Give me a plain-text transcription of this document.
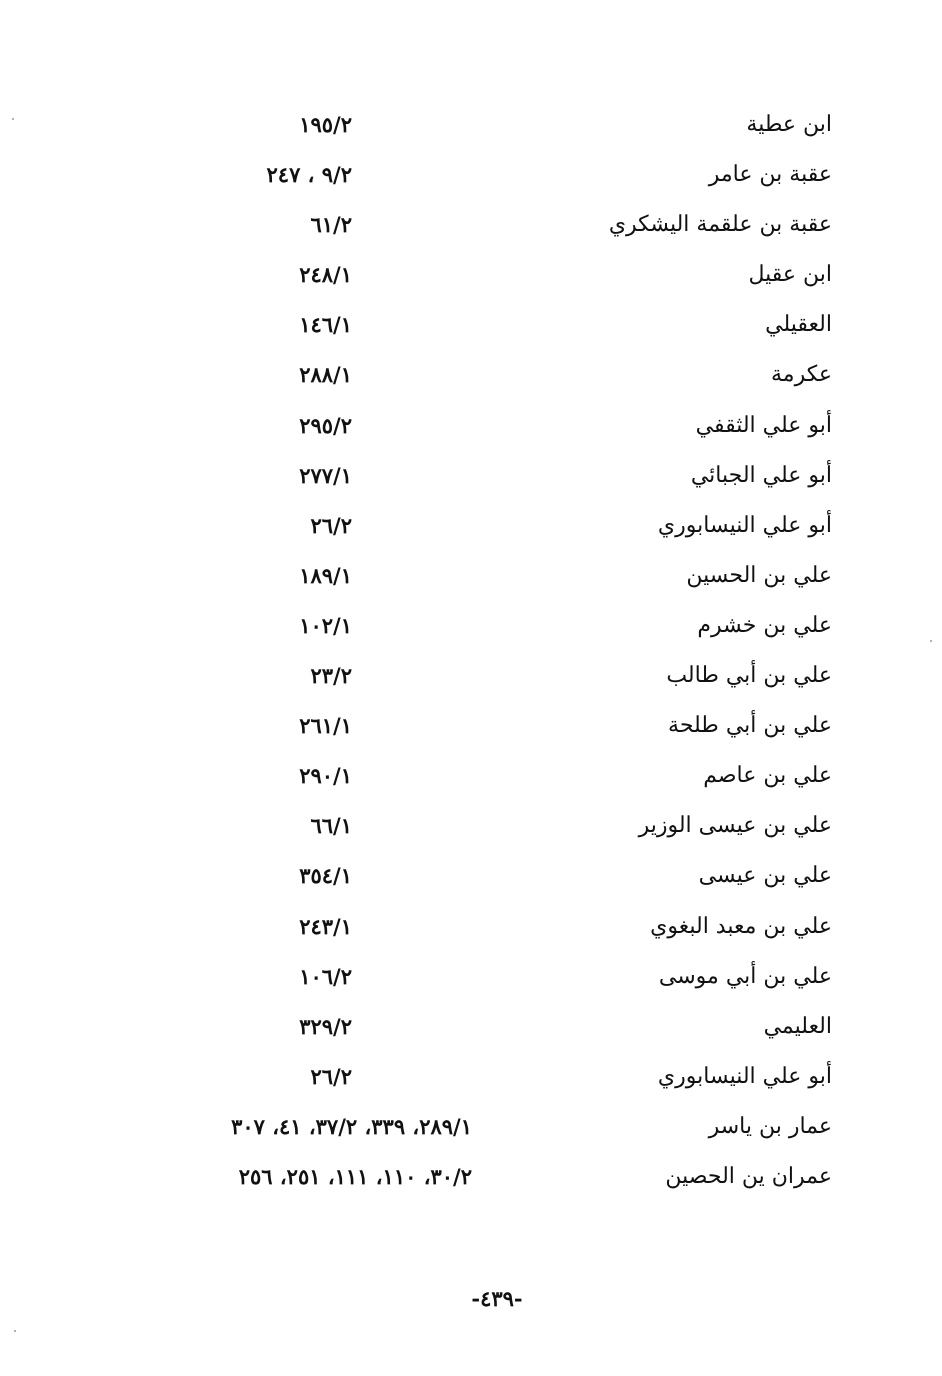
ابن عطية
١٩٥/٢
عقبة بن عامر
٩/٢ ، ٢٤٧
عقبة بن علقمة اليشكري
٦١/٢
ابن عقيل
٢٤٨/١
العقيلي
١٤٦/١
عكرمة
٢٨٨/١
أبو علي الثقفي
٢٩٥/٢
أبو علي الجبائي
٢٧٧/١
أبو علي النيسابوري
٢٦/٢
علي بن الحسين
١٨٩/١
علي بن خشرم
١٠٢/١
علي بن أبي طالب
٢٣/٢
علي بن أبي طلحة
٢٦١/١
علي بن عاصم
٢٩٠/١
علي بن عيسى الوزير
٦٦/١
علي بن عيسى
٣٥٤/١
علي بن معبد البغوي
٢٤٣/١
علي بن أبي موسى
١٠٦/٢
العليمي
٣٢٩/٢
أبو علي النيسابوري
٢٦/٢
عمار بن ياسر
٢٨٩/١، ٣٣٩، ٣٧/٢، ٤١، ٣٠٧
عمران ين الحصين
٣٠/٢، ١١٠، ١١١، ٢٥١، ٢٥٦
-٤٣٩-
